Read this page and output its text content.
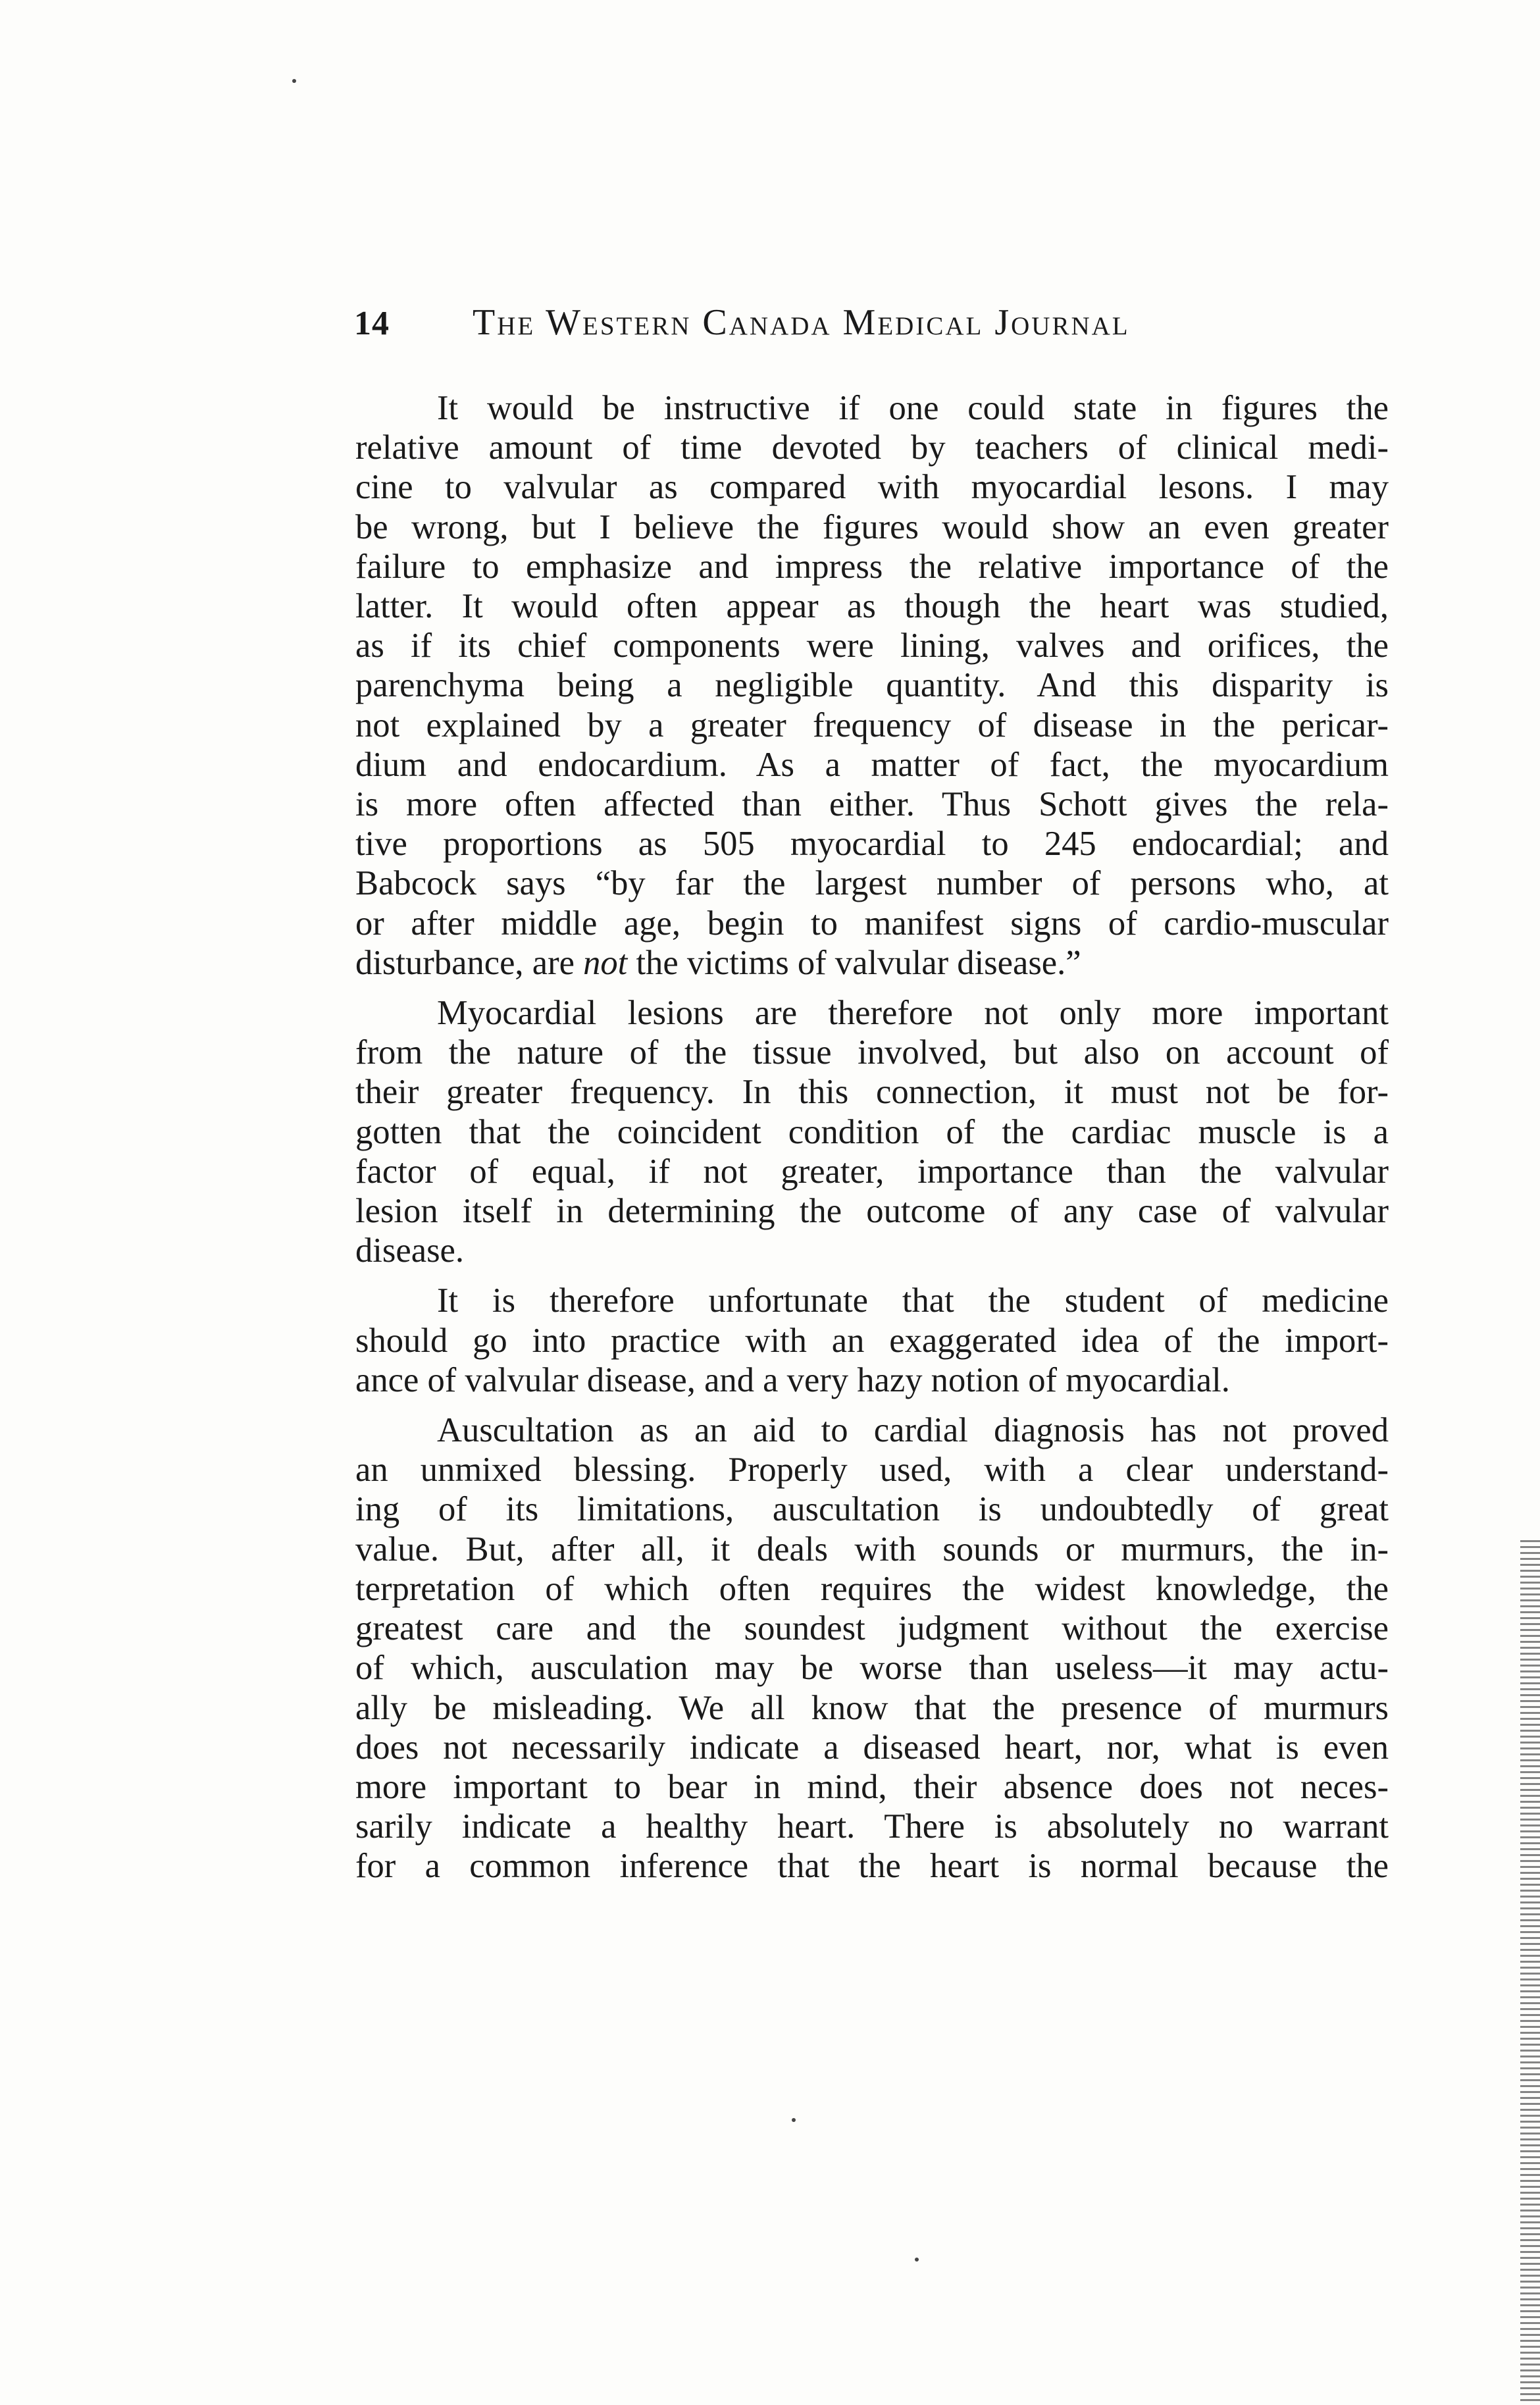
14	The Western Canada Medical Journal
It would be instructive if one could state in figures the
relative amount of time devoted by teachers of clinical medi-
cine to valvular as compared with myocardial lesons. I may
be wrong, but I believe the figures would show an even greater
failure to emphasize and impress the relative importance of the
latter. It would often appear as though the heart was studied,
as if its chief components were lining, valves and orifices, the
parenchyma being a negligible quantity. And this disparity is
not explained by a greater frequency of disease in the pericar-
dium and endocardium. As a matter of fact, the myocardium
is more often affected than either. Thus Schott gives the rela-
tive proportions as 505 myocardial to 245 endocardial; and
Babcock says “by far the largest number of persons who, at
or after middle age, begin to manifest signs of cardio-muscular
disturbance, are not the victims of valvular disease.”
Myocardial lesions are therefore not only more important
from the nature of the tissue involved, but also on account of
their greater frequency. In this connection, it must not be for-
gotten that the coincident condition of the cardiac muscle is a
factor of equal, if not greater, importance than the valvular
lesion itself in determining the outcome of any case of valvular
disease.
It is therefore unfortunate that the student of medicine
should go into practice with an exaggerated idea of the import-
ance of valvular disease, and a very hazy notion of myocardial.
Auscultation as an aid to cardial diagnosis has not proved
an unmixed blessing. Properly used, with a clear understand-
ing of its limitations, auscultation is undoubtedly of great
value. But, after all, it deals with sounds or murmurs, the in-
terpretation of which often requires the widest knowledge, the
greatest care and the soundest judgment without the exercise
of which, ausculation may be worse than useless—it may actu-
ally be misleading. We all know that the presence of murmurs
does not necessarily indicate a diseased heart, nor, what is even
more important to bear in mind, their absence does not neces-
sarily indicate a healthy heart. There is absolutely no warrant
for a common inference that the heart is normal because the
